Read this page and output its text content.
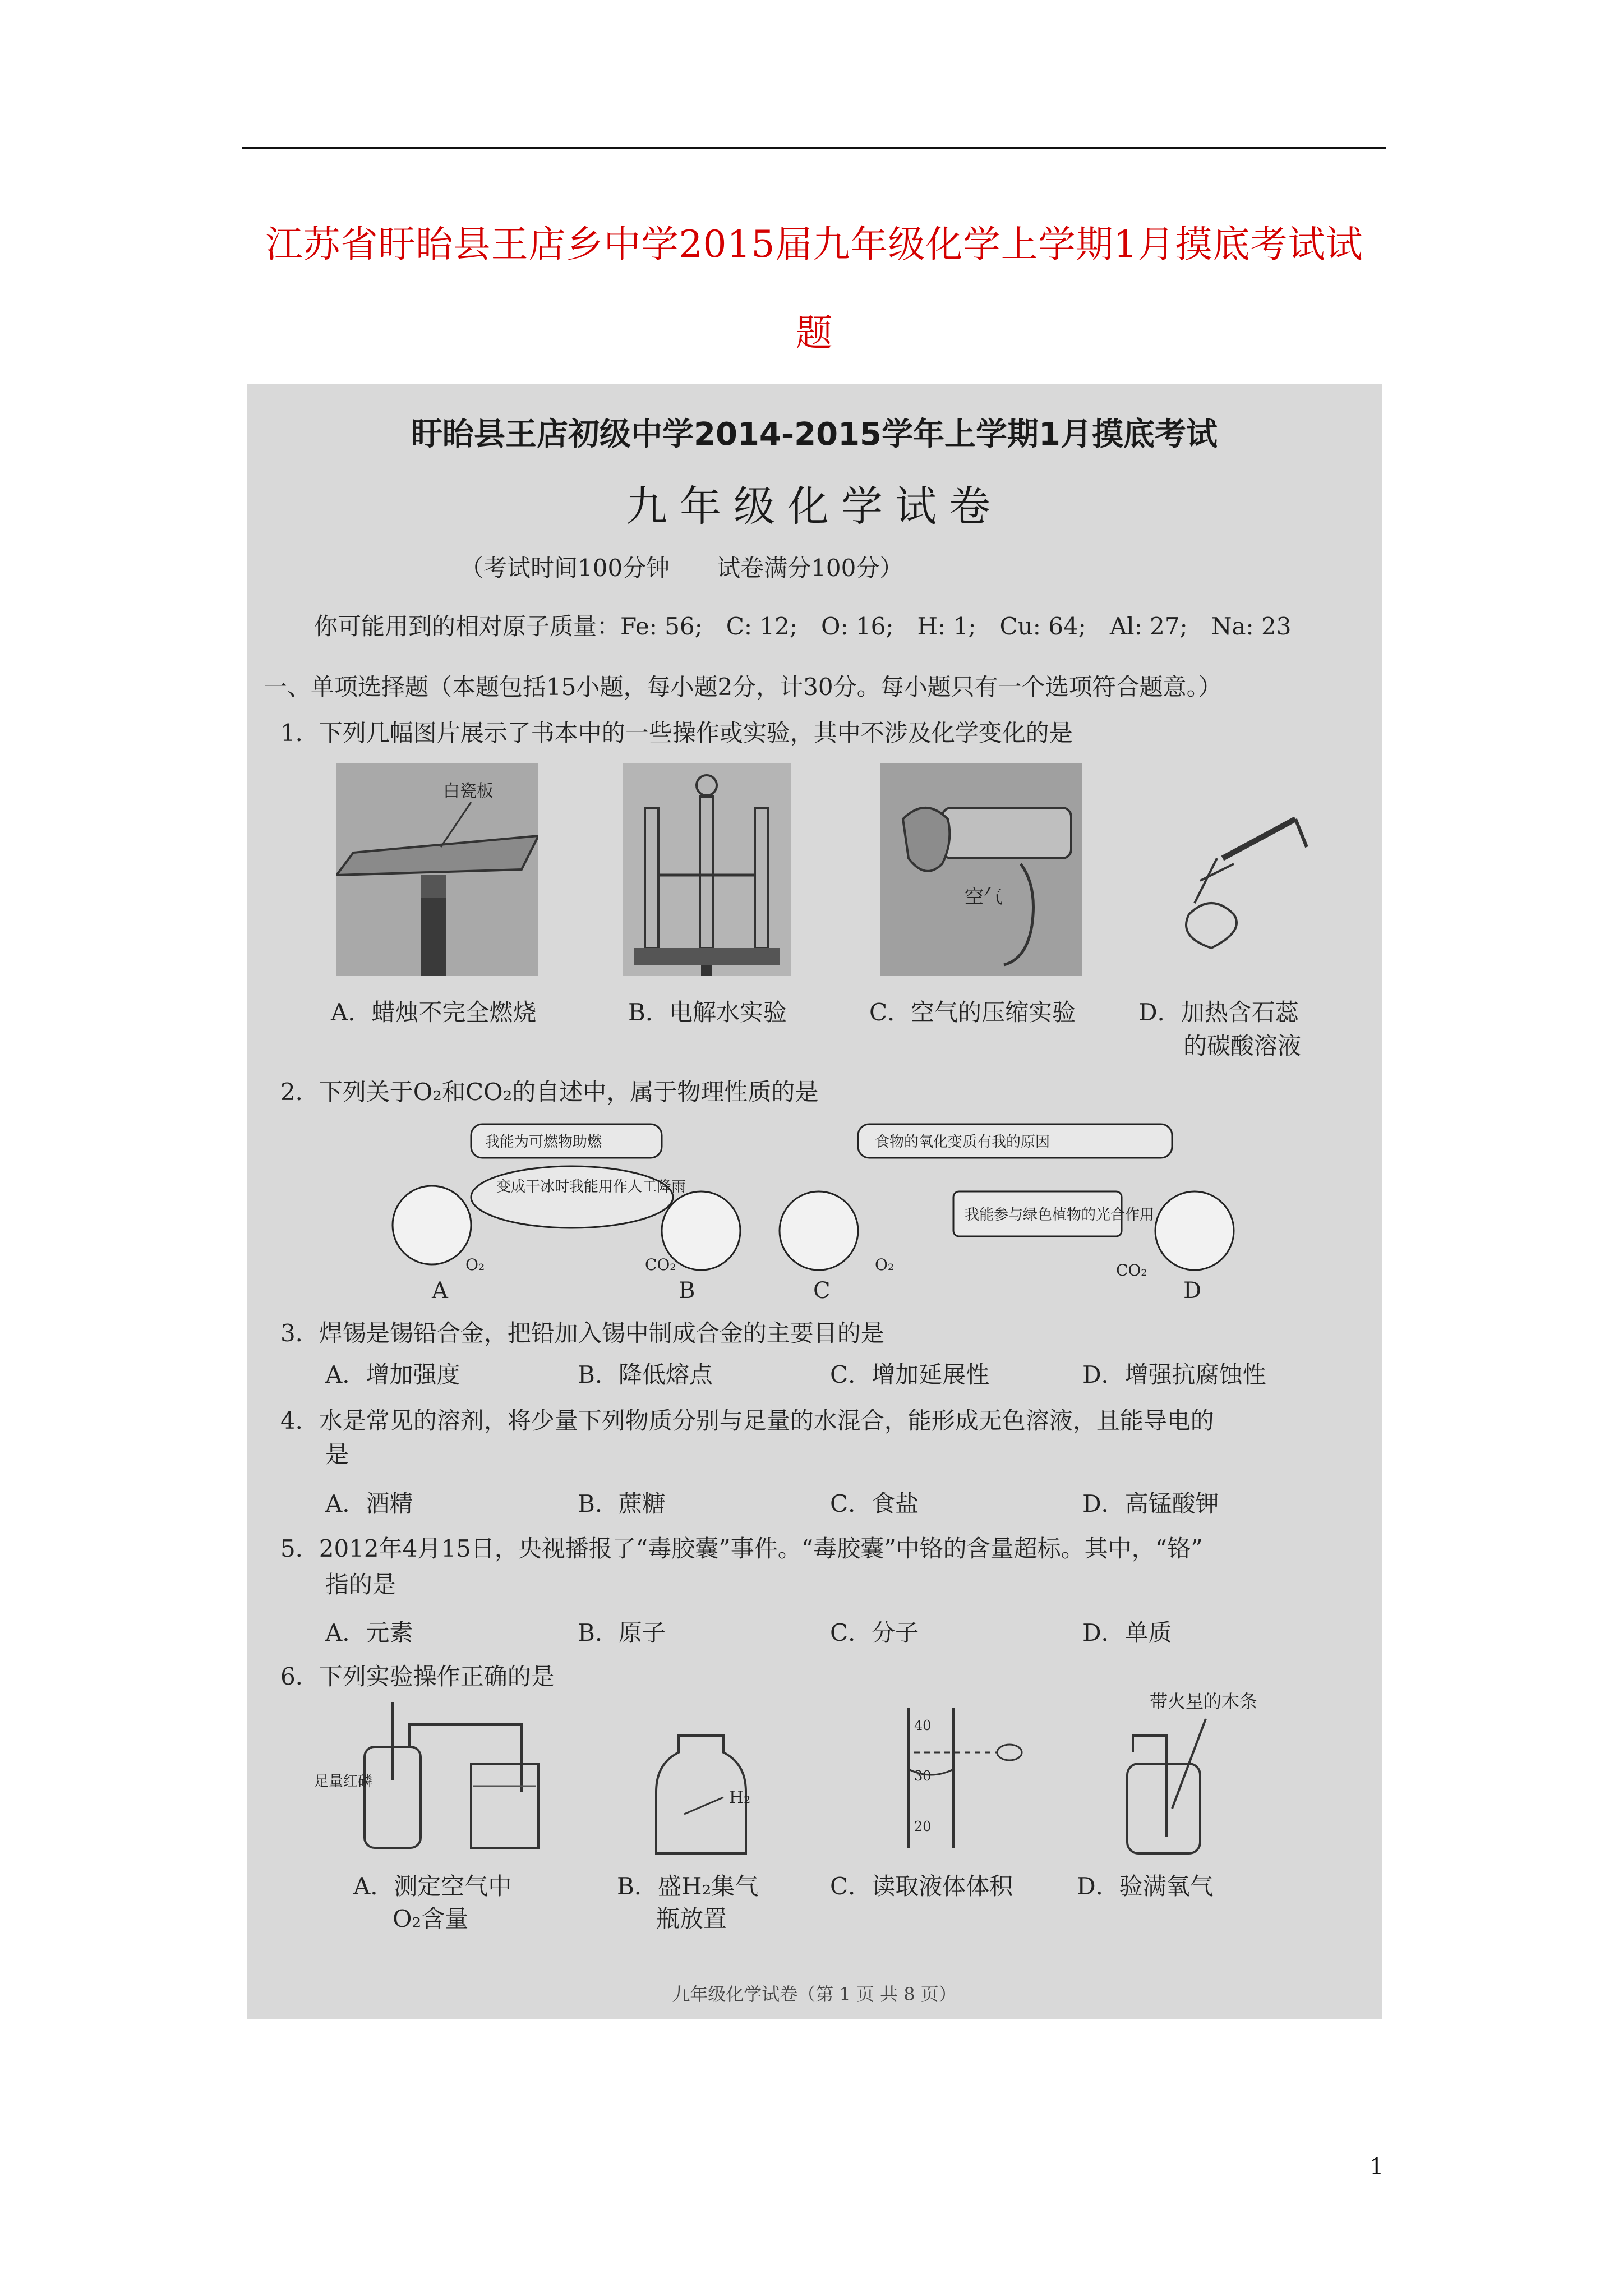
江苏省盱眙县王店乡中学2015届九年级化学上学期1月摸底考试试
题
盱眙县王店初级中学2014-2015学年上学期1月摸底考试
九年级化学试卷
（考试时间100分钟　　试卷满分100分）
你可能用到的相对原子质量：Fe: 56;　C: 12;　O: 16;　H: 1;　Cu: 64;　Al: 27;　Na: 23
一、单项选择题（本题包括15小题，每小题2分，计30分。每小题只有一个选项符合题意。）
1．下列几幅图片展示了书本中的一些操作或实验，其中不涉及化学变化的是
白瓷板
空气
A．蜡烛不完全燃烧	B．电解水实验	C．空气的压缩实验	D．加热含石蕊
的碳酸溶液
2．下列关于O₂和CO₂的自述中，属于物理性质的是
我能为可燃物助燃
变成干冰时我能用作人工降雨
O₂	CO₂
A	B
食物的氧化变质有我的原因
我能参与绿色植物的光合作用
O₂	CO₂
C	D
3．焊锡是锡铅合金，把铅加入锡中制成合金的主要目的是
A．增加强度	B．降低熔点	C．增加延展性	D．增强抗腐蚀性
4．水是常见的溶剂，将少量下列物质分别与足量的水混合，能形成无色溶液，且能导电的
是
A．酒精	B．蔗糖	C．食盐	D．高锰酸钾
5．2012年4月15日，央视播报了“毒胶囊”事件。“毒胶囊”中铬的含量超标。其中，“铬”
指的是
A．元素	B．原子	C．分子	D．单质
6．下列实验操作正确的是
足量红磷
H₂
40
30
20
带火星的木条
A．测定空气中
O₂含量
B．盛H₂集气
瓶放置
C．读取液体体积	D．验满氧气
九年级化学试卷（第 1 页 共 8 页）
1
